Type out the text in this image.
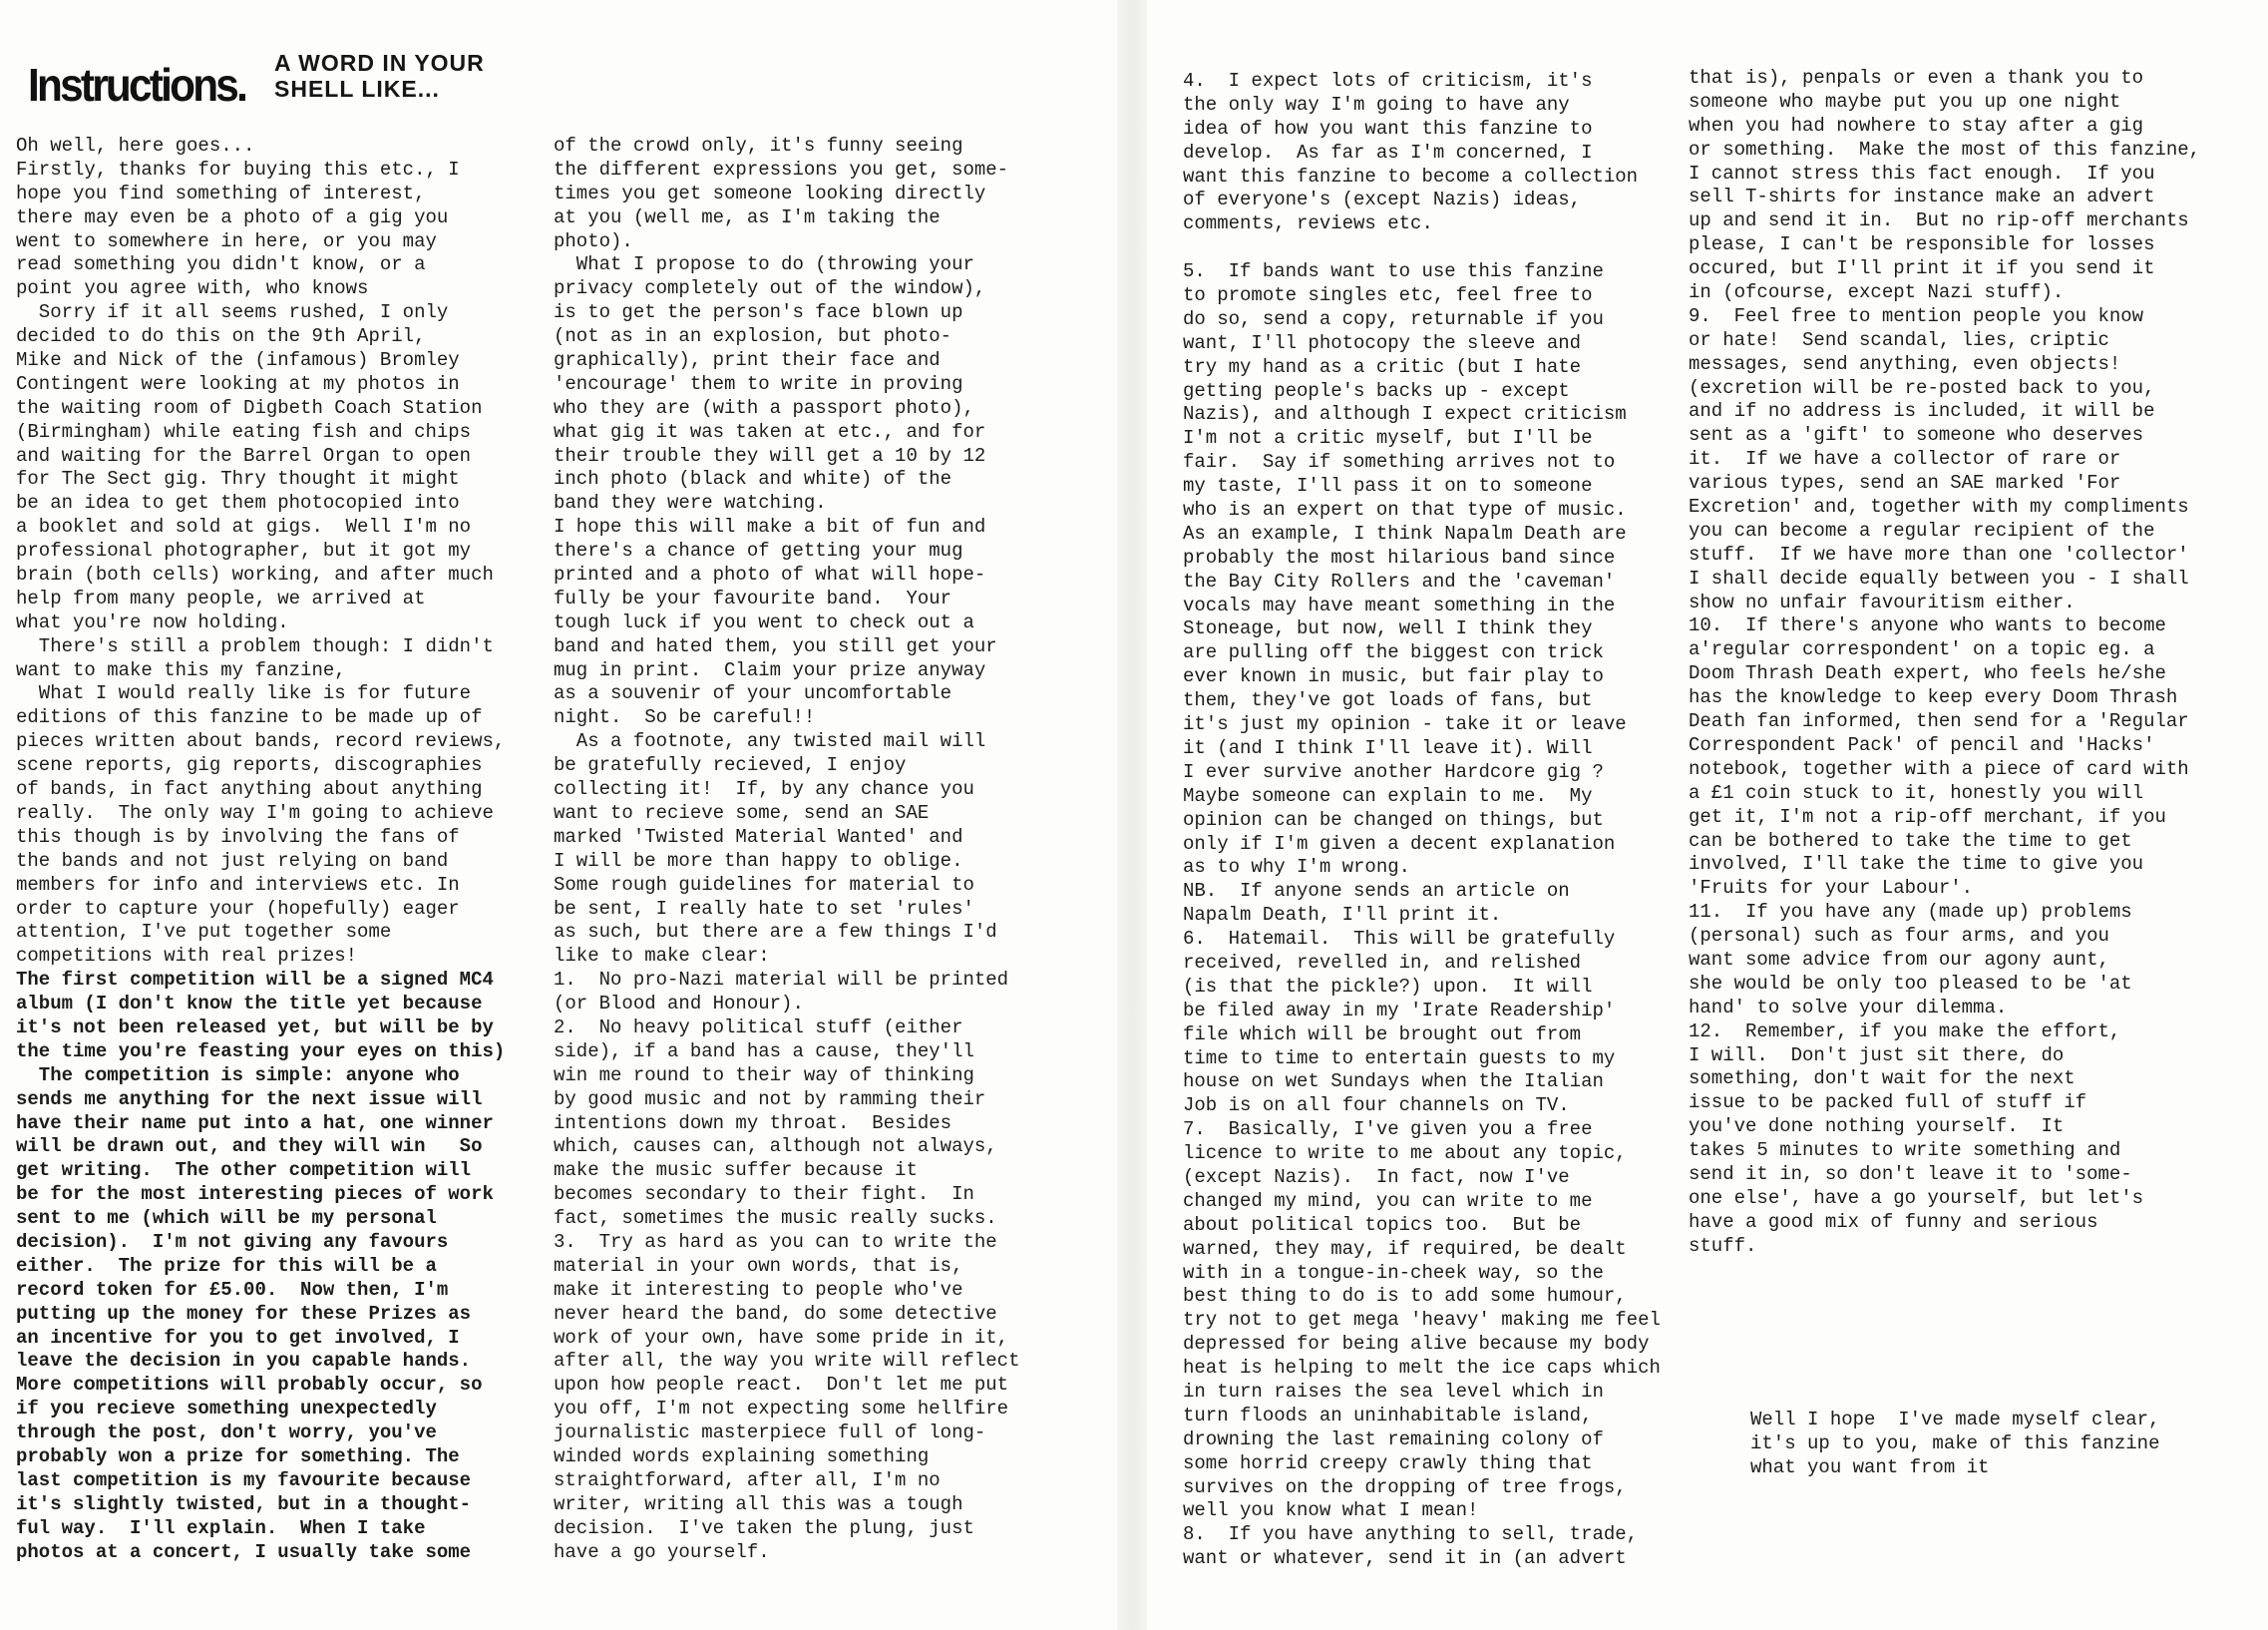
Instructions. A WORD IN YOUR
SHELL LIKE...
Oh well, here goes...
Firstly, thanks for buying this etc., I
hope you find something of interest,
there may even be a photo of a gig you
went to somewhere in here, or you may
read something you didn't know, or a
point you agree with, who knows
Sorry if it all seems rushed, I only
decided to do this on the 9th April,
Mike and Nick of the (infamous) Bromley
Contingent were looking at my photos in
the waiting room of Digbeth Coach Station
(Birmingham) while eating fish and chips
and waiting for the Barrel Organ to open
for The Sect gig. Thry thought it might
be an idea to get them photocopied into
a booklet and sold at gigs.  Well I'm no
professional photographer, but it got my
brain (both cells) working, and after much
help from many people, we arrived at
what you're now holding.
There's still a problem though: I didn't
want to make this my fanzine,
What I would really like is for future
editions of this fanzine to be made up of
pieces written about bands, record reviews,
scene reports, gig reports, discographies
of bands, in fact anything about anything
really.  The only way I'm going to achieve
this though is by involving the fans of
the bands and not just relying on band
members for info and interviews etc. In
order to capture your (hopefully) eager
attention, I've put together some
competitions with real prizes!
The first competition will be a signed MC4
album (I don't know the title yet because
it's not been released yet, but will be by
the time you're feasting your eyes on this)
The competition is simple: anyone who
sends me anything for the next issue will
have their name put into a hat, one winner
will be drawn out, and they will win   So
get writing.  The other competition will
be for the most interesting pieces of work
sent to me (which will be my personal
decision).  I'm not giving any favours
either.  The prize for this will be a
record token for £5.00.  Now then, I'm
putting up the money for these Prizes as
an incentive for you to get involved, I
leave the decision in you capable hands.
More competitions will probably occur, so
if you recieve something unexpectedly
through the post, don't worry, you've
probably won a prize for something. The
last competition is my favourite because
it's slightly twisted, but in a thought-
ful way.  I'll explain.  When I take
photos at a concert, I usually take some
of the crowd only, it's funny seeing
the different expressions you get, some-
times you get someone looking directly
at you (well me, as I'm taking the
photo).
What I propose to do (throwing your
privacy completely out of the window),
is to get the person's face blown up
(not as in an explosion, but photo-
graphically), print their face and
'encourage' them to write in proving
who they are (with a passport photo),
what gig it was taken at etc., and for
their trouble they will get a 10 by 12
inch photo (black and white) of the
band they were watching.
I hope this will make a bit of fun and
there's a chance of getting your mug
printed and a photo of what will hope-
fully be your favourite band.  Your
tough luck if you went to check out a
band and hated them, you still get your
mug in print.  Claim your prize anyway
as a souvenir of your uncomfortable
night.  So be careful!!
As a footnote, any twisted mail will
be gratefully recieved, I enjoy
collecting it!  If, by any chance you
want to recieve some, send an SAE
marked 'Twisted Material Wanted' and
I will be more than happy to oblige.
Some rough guidelines for material to
be sent, I really hate to set 'rules'
as such, but there are a few things I'd
like to make clear:
1.  No pro-Nazi material will be printed
(or Blood and Honour).
2.  No heavy political stuff (either
side), if a band has a cause, they'll
win me round to their way of thinking
by good music and not by ramming their
intentions down my throat.  Besides
which, causes can, although not always,
make the music suffer because it
becomes secondary to their fight.  In
fact, sometimes the music really sucks.
3.  Try as hard as you can to write the
material in your own words, that is,
make it interesting to people who've
never heard the band, do some detective
work of your own, have some pride in it,
after all, the way you write will reflect
upon how people react.  Don't let me put
you off, I'm not expecting some hellfire
journalistic masterpiece full of long-
winded words explaining something
straightforward, after all, I'm no
writer, writing all this was a tough
decision.  I've taken the plung, just
have a go yourself.
4.  I expect lots of criticism, it's
the only way I'm going to have any
idea of how you want this fanzine to
develop.  As far as I'm concerned, I
want this fanzine to become a collection
of everyone's (except Nazis) ideas,
comments, reviews etc.
5.  If bands want to use this fanzine
to promote singles etc, feel free to
do so, send a copy, returnable if you
want, I'll photocopy the sleeve and
try my hand as a critic (but I hate
getting people's backs up - except
Nazis), and although I expect criticism
I'm not a critic myself, but I'll be
fair.  Say if something arrives not to
my taste, I'll pass it on to someone
who is an expert on that type of music.
As an example, I think Napalm Death are
probably the most hilarious band since
the Bay City Rollers and the 'caveman'
vocals may have meant something in the
Stoneage, but now, well I think they
are pulling off the biggest con trick
ever known in music, but fair play to
them, they've got loads of fans, but
it's just my opinion - take it or leave
it (and I think I'll leave it). Will
I ever survive another Hardcore gig ?
Maybe someone can explain to me.  My
opinion can be changed on things, but
only if I'm given a decent explanation
as to why I'm wrong.
NB.  If anyone sends an article on
Napalm Death, I'll print it.
6.  Hatemail.  This will be gratefully
received, revelled in, and relished
(is that the pickle?) upon.  It will
be filed away in my 'Irate Readership'
file which will be brought out from
time to time to entertain guests to my
house on wet Sundays when the Italian
Job is on all four channels on TV.
7.  Basically, I've given you a free
licence to write to me about any topic,
(except Nazis).  In fact, now I've
changed my mind, you can write to me
about political topics too.  But be
warned, they may, if required, be dealt
with in a tongue-in-cheek way, so the
best thing to do is to add some humour,
try not to get mega 'heavy' making me feel
depressed for being alive because my body
heat is helping to melt the ice caps which
in turn raises the sea level which in
turn floods an uninhabitable island,
drowning the last remaining colony of
some horrid creepy crawly thing that
survives on the dropping of tree frogs,
well you know what I mean!
8.  If you have anything to sell, trade,
want or whatever, send it in (an advert
that is), penpals or even a thank you to
someone who maybe put you up one night
when you had nowhere to stay after a gig
or something.  Make the most of this fanzine,
I cannot stress this fact enough.  If you
sell T-shirts for instance make an advert
up and send it in.  But no rip-off merchants
please, I can't be responsible for losses
occured, but I'll print it if you send it
in (ofcourse, except Nazi stuff).
9.  Feel free to mention people you know
or hate!  Send scandal, lies, criptic
messages, send anything, even objects!
(excretion will be re-posted back to you,
and if no address is included, it will be
sent as a 'gift' to someone who deserves
it.  If we have a collector of rare or
various types, send an SAE marked 'For
Excretion' and, together with my compliments
you can become a regular recipient of the
stuff.  If we have more than one 'collector'
I shall decide equally between you - I shall
show no unfair favouritism either.
10.  If there's anyone who wants to become
a'regular correspondent' on a topic eg. a
Doom Thrash Death expert, who feels he/she
has the knowledge to keep every Doom Thrash
Death fan informed, then send for a 'Regular
Correspondent Pack' of pencil and 'Hacks'
notebook, together with a piece of card with
a £1 coin stuck to it, honestly you will
get it, I'm not a rip-off merchant, if you
can be bothered to take the time to get
involved, I'll take the time to give you
'Fruits for your Labour'.
11.  If you have any (made up) problems
(personal) such as four arms, and you
want some advice from our agony aunt,
she would be only too pleased to be 'at
hand' to solve your dilemma.
12.  Remember, if you make the effort,
I will.  Don't just sit there, do
something, don't wait for the next
issue to be packed full of stuff if
you've done nothing yourself.  It
takes 5 minutes to write something and
send it in, so don't leave it to 'some-
one else', have a go yourself, but let's
have a good mix of funny and serious
stuff.
Well I hope  I've made myself clear,
it's up to you, make of this fanzine
what you want from it
